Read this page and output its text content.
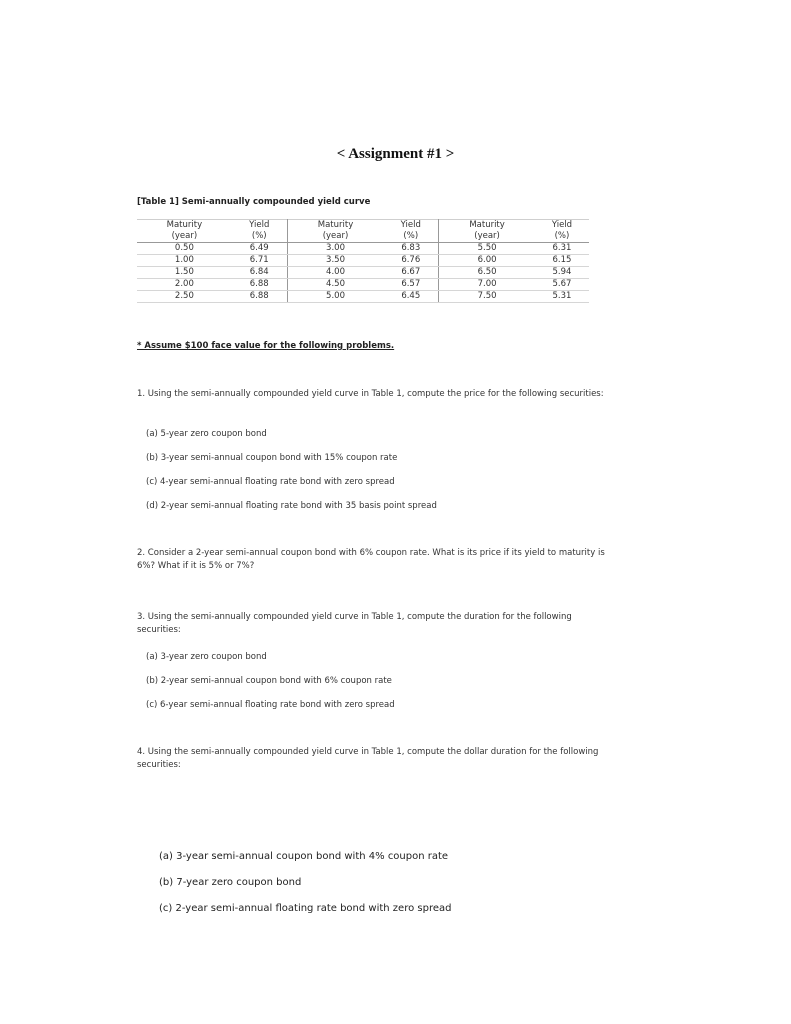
< Assignment #1 >
[Table 1] Semi-annually compounded yield curve
Maturity	Yield	Maturity	Yield	Maturity	Yield
(year)	(%)	(year)	(%)	(year)	(%)
0.50	6.49	3.00	6.83	5.50	6.31
1.00	6.71	3.50	6.76	6.00	6.15
1.50	6.84	4.00	6.67	6.50	5.94
2.00	6.88	4.50	6.57	7.00	5.67
2.50	6.88	5.00	6.45	7.50	5.31
* Assume $100 face value for the following problems.
1. Using the semi-annually compounded yield curve in Table 1, compute the price for the following securities:
(a) 5-year zero coupon bond
(b) 3-year semi-annual coupon bond with 15% coupon rate
(c) 4-year semi-annual floating rate bond with zero spread
(d) 2-year semi-annual floating rate bond with 35 basis point spread
2. Consider a 2-year semi-annual coupon bond with 6% coupon rate. What is its price if its yield to maturity is 6%? What if it is 5% or 7%?
3. Using the semi-annually compounded yield curve in Table 1, compute the duration for the following securities:
(a) 3-year zero coupon bond
(b) 2-year semi-annual coupon bond with 6% coupon rate
(c) 6-year semi-annual floating rate bond with zero spread
4. Using the semi-annually compounded yield curve in Table 1, compute the dollar duration for the following securities:
(a) 3-year semi-annual coupon bond with 4% coupon rate
(b) 7-year zero coupon bond
(c) 2-year semi-annual floating rate bond with zero spread
